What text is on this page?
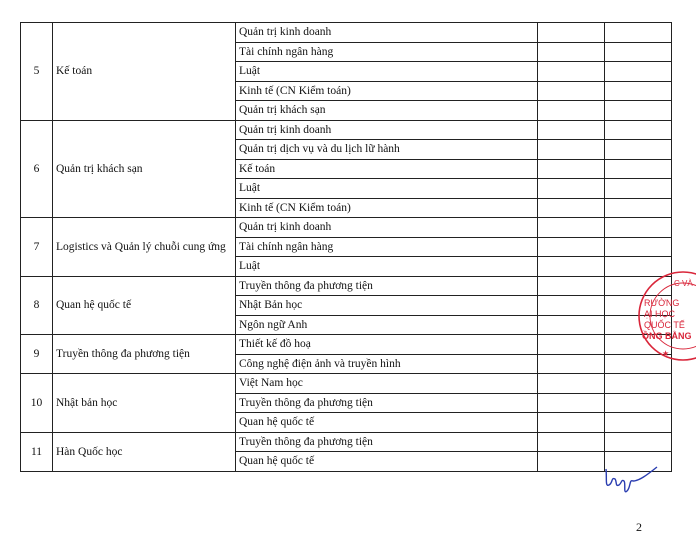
5	Kế toán	Quản trị kinh doanh		
		Tài chính ngân hàng		
		Luật		
		Kinh tế (CN Kiểm toán)		
		Quản trị khách sạn		
6	Quản trị khách sạn	Quản trị kinh doanh		
		Quản trị dịch vụ và du lịch lữ hành		
		Kế toán		
		Luật		
		Kinh tế (CN Kiểm toán)		
7	Logistics và Quản lý chuỗi cung ứng	Quản trị kinh doanh		
		Tài chính ngân hàng		
		Luật		
8	Quan hệ quốc tế	Truyền thông đa phương tiện		
		Nhật Bản học		
		Ngôn ngữ Anh		
9	Truyền thông đa phương tiện	Thiết kế đồ hoạ		
		Công nghệ điện ảnh và truyền hình		
10	Nhật bản học	Việt Nam học		
		Truyền thông đa phương tiện		
		Quan hệ quốc tế		
11	Hàn Quốc học	Truyền thông đa phương tiện		
		Quan hệ quốc tế		
C VÀ
RƯỜNG
ẠI HỌC
QUỐC TẾ
ỒNG BẰNG
★
2
